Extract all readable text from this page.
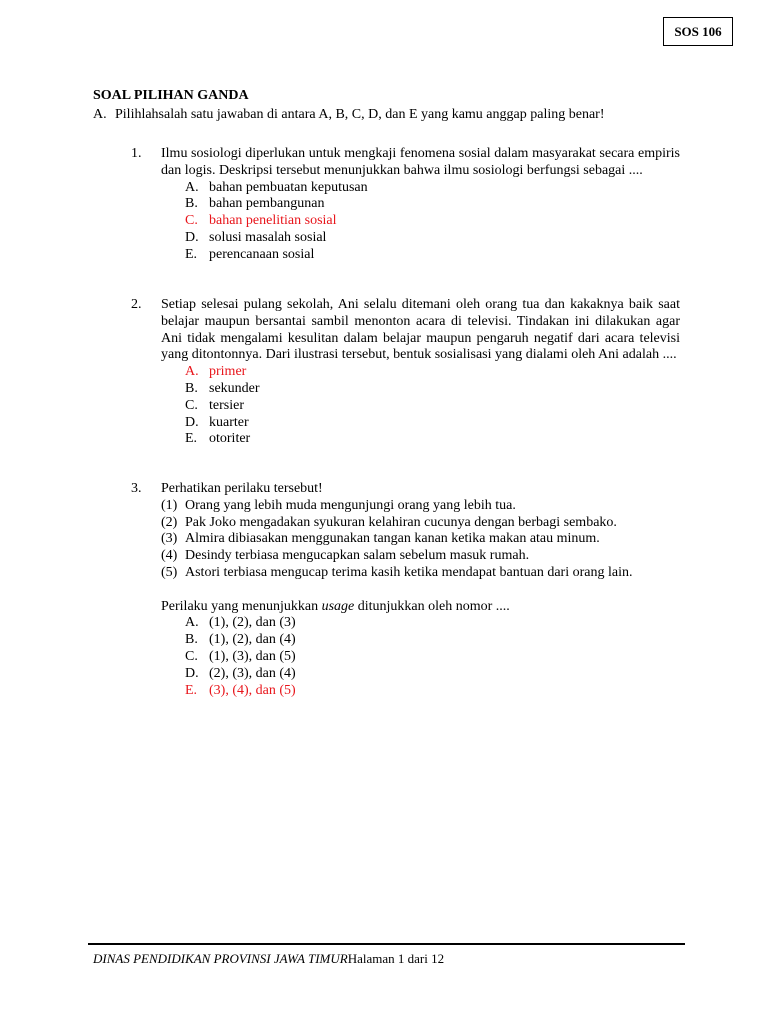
SOS 106
SOAL PILIHAN GANDA
A. Pilihlahsalah satu jawaban di antara A, B, C, D, dan E yang kamu anggap paling benar!
1. Ilmu sosiologi diperlukan untuk mengkaji fenomena sosial dalam masyarakat secara empiris dan logis. Deskripsi tersebut menunjukkan bahwa ilmu sosiologi berfungsi sebagai ....
A. bahan pembuatan keputusan
B. bahan pembangunan
C. bahan penelitian sosial
D. solusi masalah sosial
E. perencanaan sosial
2. Setiap selesai pulang sekolah, Ani selalu ditemani oleh orang tua dan kakaknya baik saat belajar maupun bersantai sambil menonton acara di televisi. Tindakan ini dilakukan agar Ani tidak mengalami kesulitan dalam belajar maupun pengaruh negatif dari acara televisi yang ditontonnya. Dari ilustrasi tersebut, bentuk sosialisasi yang dialami oleh Ani adalah ....
A. primer
B. sekunder
C. tersier
D. kuarter
E. otoriter
3. Perhatikan perilaku tersebut!
(1) Orang yang lebih muda mengunjungi orang yang lebih tua.
(2) Pak Joko mengadakan syukuran kelahiran cucunya dengan berbagi sembako.
(3) Almira dibiasakan menggunakan tangan kanan ketika makan atau minum.
(4) Desindy terbiasa mengucapkan salam sebelum masuk rumah.
(5) Astori terbiasa mengucap terima kasih ketika mendapat bantuan dari orang lain.
Perilaku yang menunjukkan usage ditunjukkan oleh nomor ....
A. (1), (2), dan (3)
B. (1), (2), dan (4)
C. (1), (3), dan (5)
D. (2), (3), dan (4)
E. (3), (4), dan (5)
DINAS PENDIDIKAN PROVINSI JAWA TIMURHalaman 1 dari 12
